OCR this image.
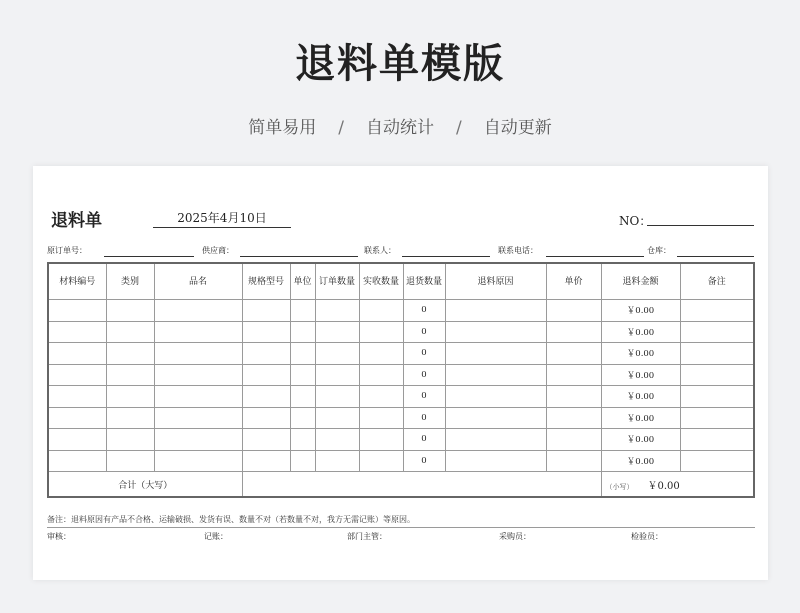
退料单模版
简单易用 / 自动统计 / 自动更新
退料单	2025年4月10日	NO：
原订单号：	供应商：	联系人：	联系电话：	仓库：
材料编号	类别	品名	规格型号	单位	订单数量	实收数量	退货数量	退料原因	单价	退料金额	备注
							0			￥0.00	
							0			￥0.00	
							0			￥0.00	
							0			￥0.00	
							0			￥0.00	
							0			￥0.00	
							0			￥0.00	
							0			￥0.00	
合计（大写）										（小写） ￥0.00	
备注：退料原因有产品不合格、运输破损、发货有误、数量不对（若数量不对，我方无需记账）等原因。
审核：	记账：	部门主管：	采购员：	检验员：
